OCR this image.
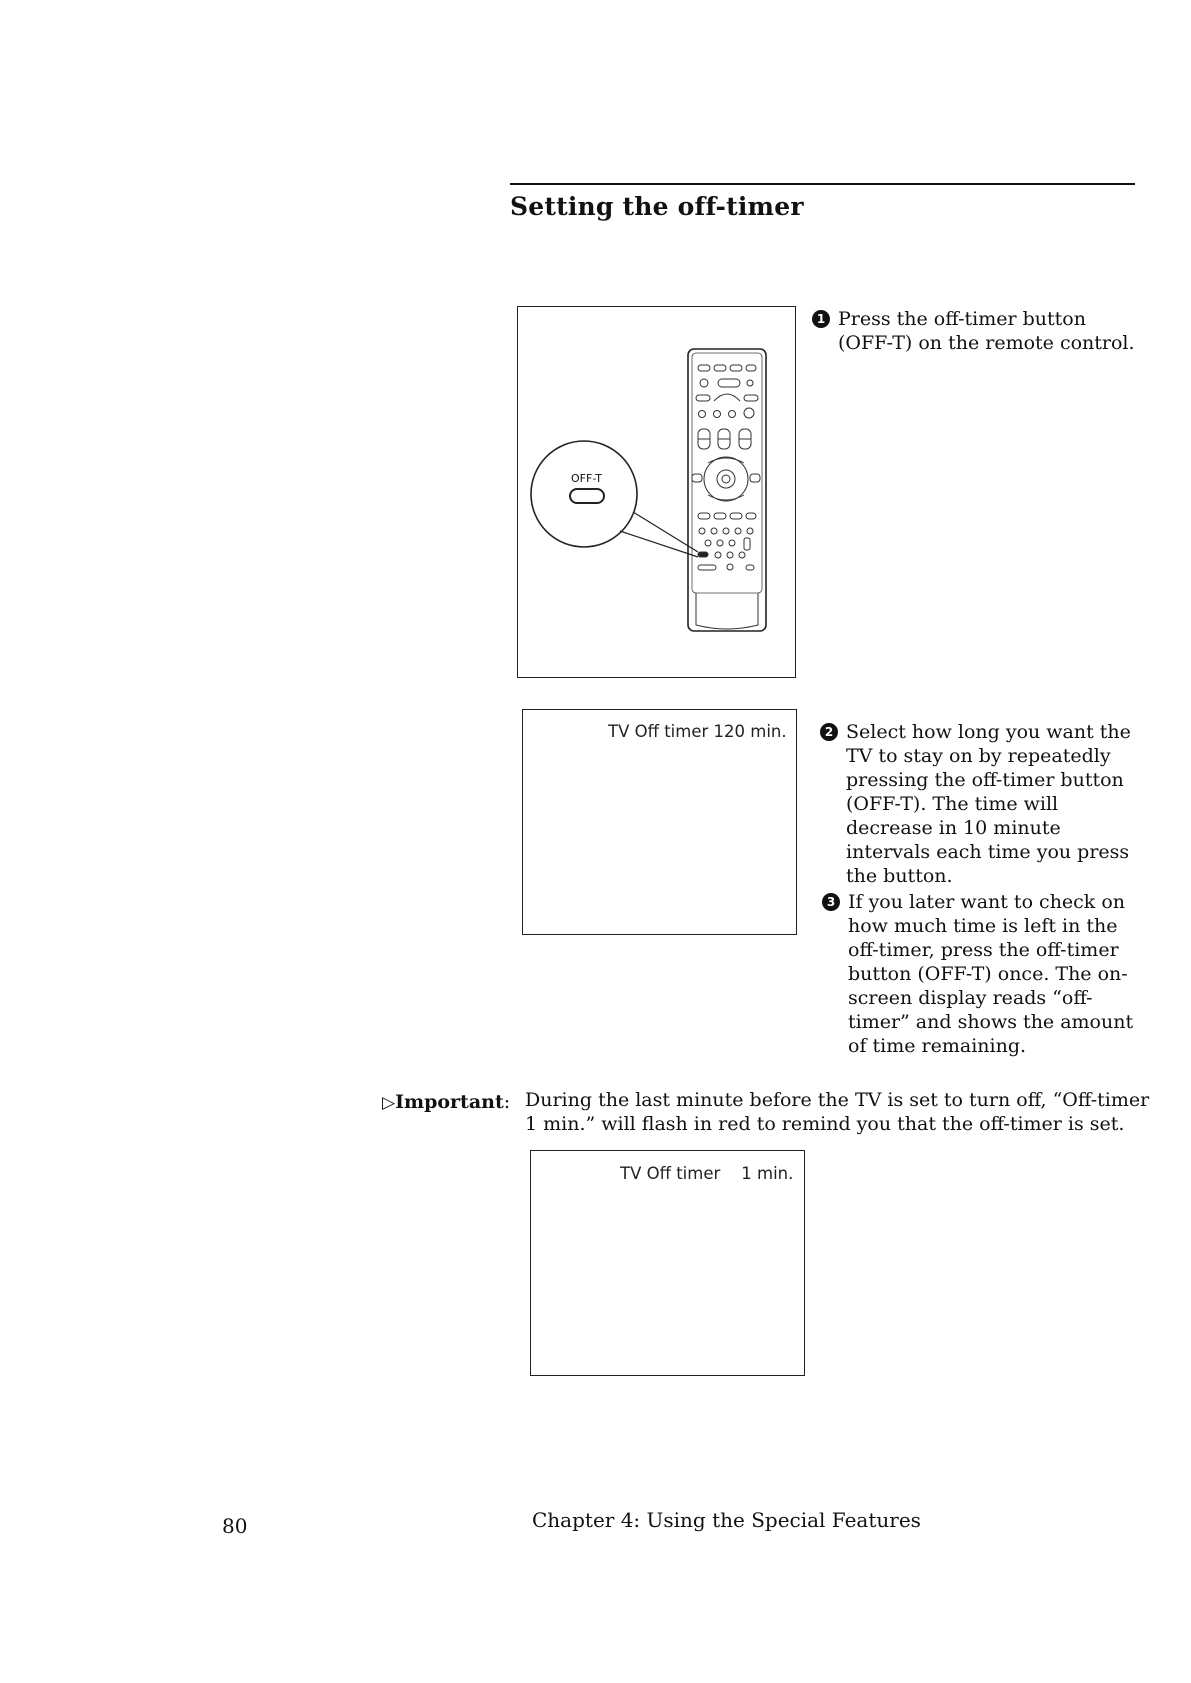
Setting the off-timer
OFF-T
1 Press the off-timer button (OFF-T) on the remote control.
TV Off timer 120 min.	2 Select how long you want the TV to stay on by repeatedly pressing the off-timer button (OFF-T). The time will decrease in 10 minute intervals each time you press the button.
3 If you later want to check on how much time is left in the off-timer, press the off-timer button (OFF-T) once. The on-screen display reads “off-timer” and shows the amount of time remaining.
▷Important: During the last minute before the TV is set to turn off, “Off-timer 1 min.” will flash in red to remind you that the off-timer is set.
TV Off timer    1 min.
80	Chapter 4: Using the Special Features
